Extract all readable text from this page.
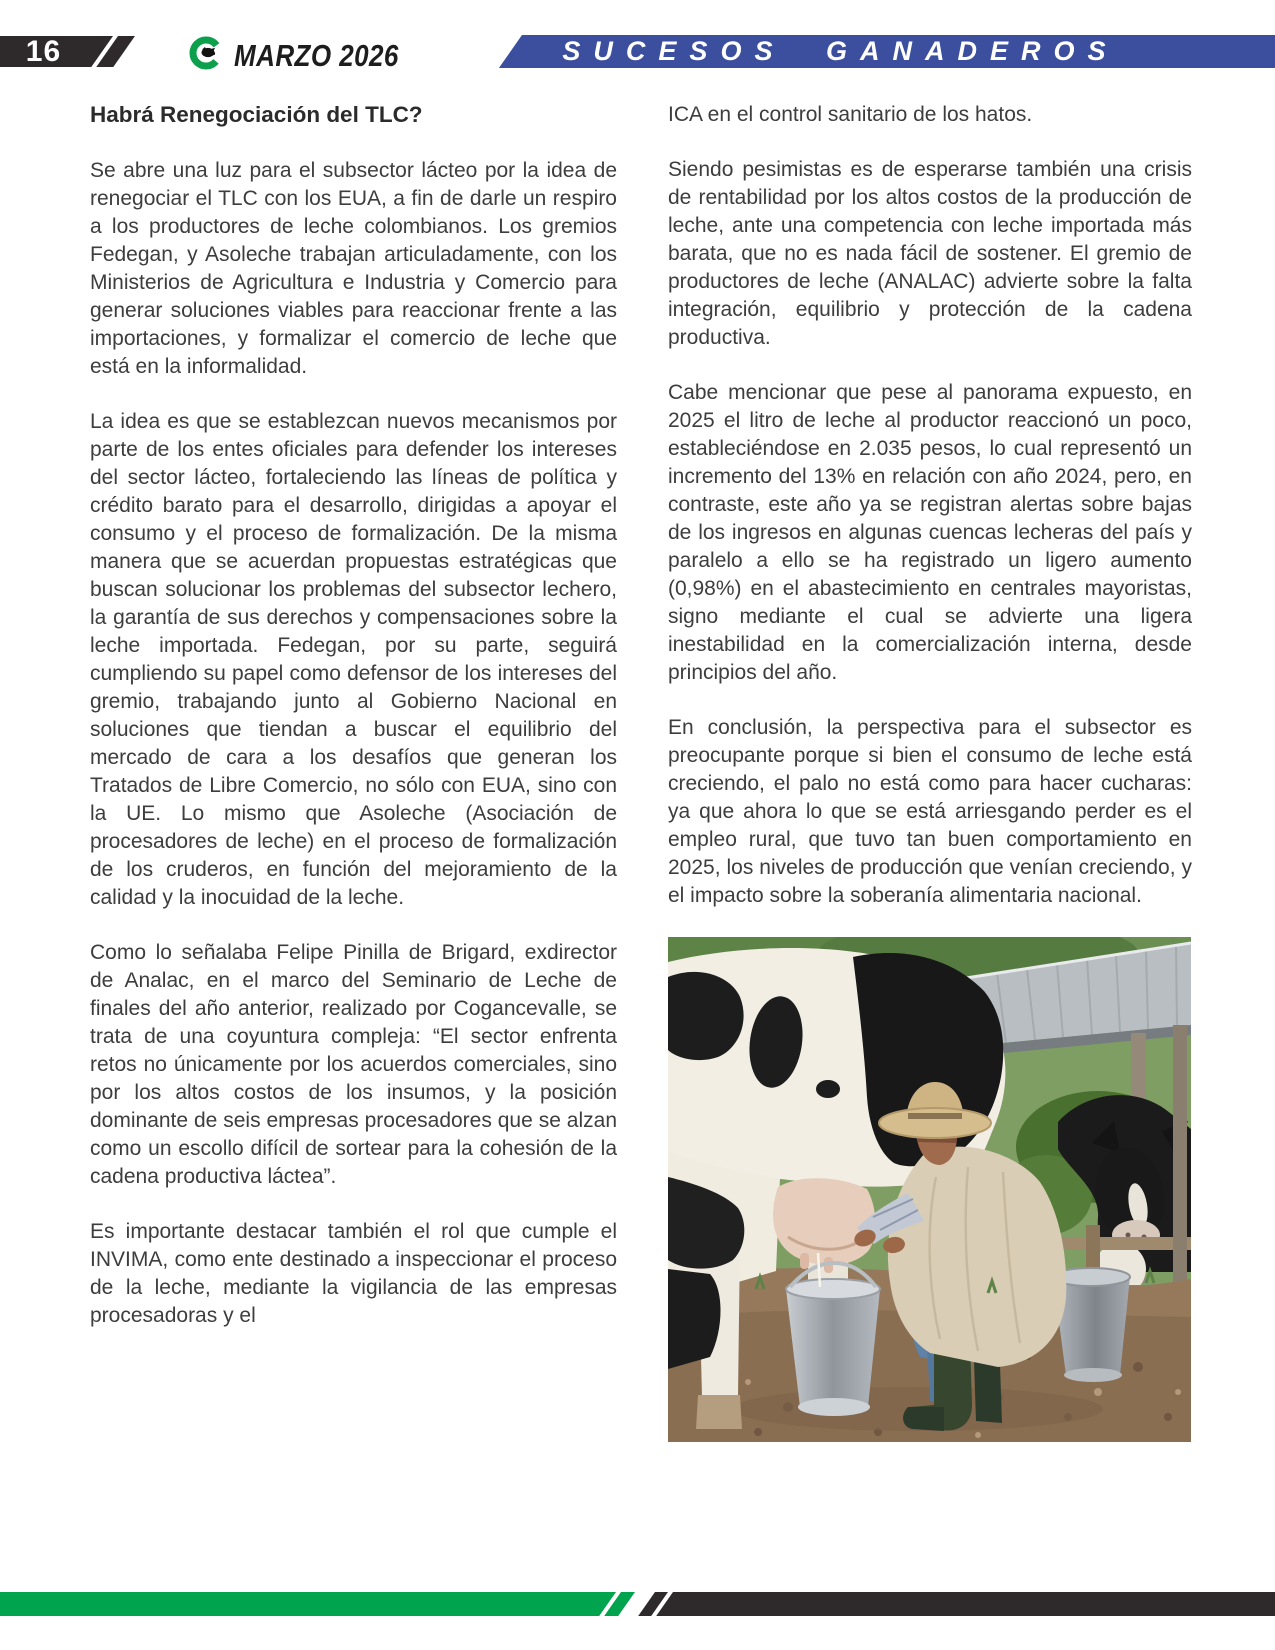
16	MARZO 2026	SUCESOS GANADEROS
Habrá Renegociación del TLC?

Se abre una luz para el subsector lácteo por la idea de renegociar el TLC con los EUA, a fin de darle un respiro a los productores de leche colombianos. Los gremios Fedegan, y Asoleche trabajan articuladamente, con los Ministerios de Agricultura e Industria y Comercio para generar soluciones viables para reaccionar frente a las importaciones, y formalizar el comercio de leche que está en la informalidad.

La idea es que se establezcan nuevos mecanismos por parte de los entes oficiales para defender los intereses del sector lácteo, fortaleciendo las líneas de política y crédito barato para el desarrollo, dirigidas a apoyar el consumo y el proceso de formalización. De la misma manera que se acuerdan propuestas estratégicas que buscan solucionar los problemas del subsector lechero, la garantía de sus derechos y compensaciones sobre la leche importada. Fedegan, por su parte, seguirá cumpliendo su papel como defensor de los intereses del gremio, trabajando junto al Gobierno Nacional en soluciones que tiendan a buscar el equilibrio del mercado de cara a los desafíos que generan los Tratados de Libre Comercio, no sólo con EUA, sino con la UE. Lo mismo que Asoleche (Asociación de procesadores de leche) en el proceso de formalización de los cruderos, en función del mejoramiento de la calidad y la inocuidad de la leche.

Como lo señalaba Felipe Pinilla de Brigard, exdirector de Analac, en el marco del Seminario de Leche de finales del año anterior, realizado por Cogancevalle, se trata de una coyuntura compleja: “El sector enfrenta retos no únicamente por los acuerdos comerciales, sino por los altos costos de los insumos, y la posición dominante de seis empresas procesadores que se alzan como un escollo difícil de sortear para la cohesión de la cadena productiva láctea”.

Es importante destacar también el rol que cumple el INVIMA, como ente destinado a inspeccionar el proceso de la leche, mediante la vigilancia de las empresas procesadoras y el

ICA en el control sanitario de los hatos.

Siendo pesimistas es de esperarse también una crisis de rentabilidad por los altos costos de la producción de leche, ante una competencia con leche importada más barata, que no es nada fácil de sostener. El gremio de productores de leche (ANALAC) advierte sobre la falta integración, equilibrio y protección de la cadena productiva.

Cabe mencionar que pese al panorama expuesto, en 2025 el litro de leche al productor reaccionó un poco, estableciéndose en 2.035 pesos, lo cual representó un incremento del 13% en relación con año 2024, pero, en contraste, este año ya se registran alertas sobre bajas de los ingresos en algunas cuencas lecheras del país y paralelo a ello se ha registrado un ligero aumento (0,98%) en el abastecimiento en centrales mayoristas, signo mediante el cual se advierte una ligera inestabilidad en la comercialización interna, desde principios del año.

En conclusión, la perspectiva para el subsector es preocupante porque si bien el consumo de leche está creciendo, el palo no está como para hacer cucharas: ya que ahora lo que se está arriesgando perder es el empleo rural, que tuvo tan buen comportamiento en 2025, los niveles de producción que venían creciendo, y el impacto sobre la soberanía alimentaria nacional.
